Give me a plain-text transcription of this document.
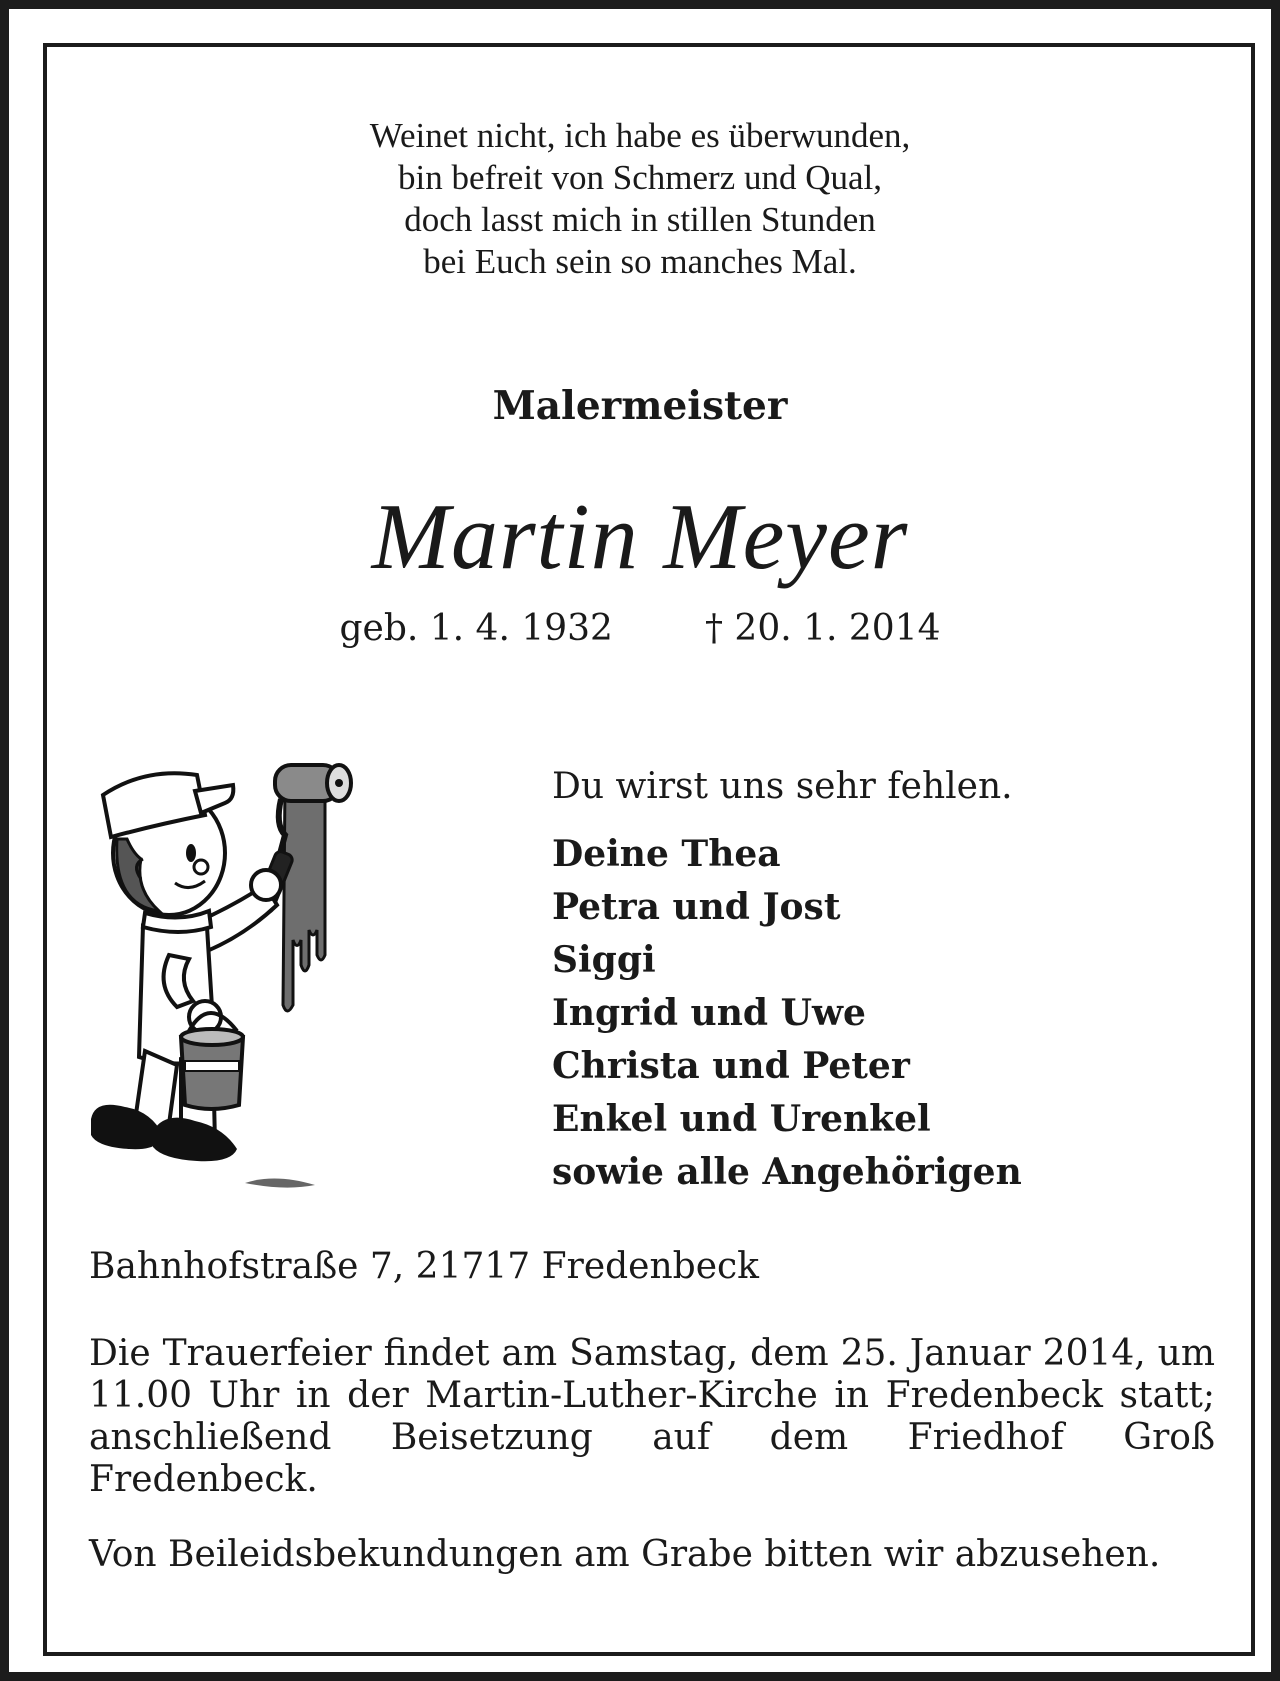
Weinet nicht, ich habe es überwunden,
bin befreit von Schmerz und Qual,
doch lasst mich in stillen Stunden
bei Euch sein so manches Mal.
Malermeister
Martin Meyer
geb. 1. 4. 1932	† 20. 1. 2014
Du wirst uns sehr fehlen.
Deine Thea
Petra und Jost
Siggi
Ingrid und Uwe
Christa und Peter
Enkel und Urenkel
sowie alle Angehörigen
Bahnhofstraße 7, 21717 Fredenbeck
Die Trauerfeier findet am Samstag, dem 25. Januar 2014, um 11.00 Uhr in der Martin-Luther-Kirche in Fredenbeck statt; anschließend Beisetzung auf dem Friedhof Groß Fredenbeck.
Von Beileidsbekundungen am Grabe bitten wir abzusehen.
